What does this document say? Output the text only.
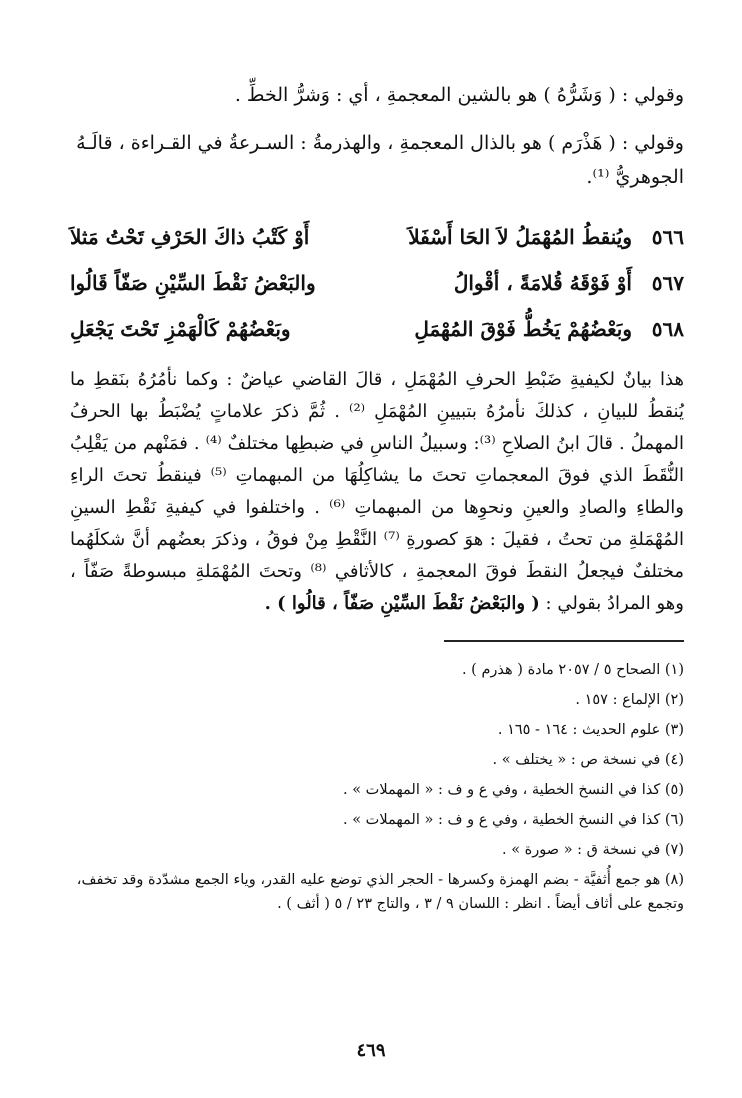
وقولي : ( وَشَرُّهُ ) هو بالشين المعجمةِ ، أي : وَشرُّ الخطِّ .

وقولي : ( هَذْرَم ) هو بالذال المعجمةِ ، والهذرمةُ : السـرعةُ في القـراءة ، قالَـهُ الجوهريُّ ⁽¹⁾.

٥٦٦
ويُنقطُ المُهْمَلُ لاَ الحَا أَسْفَلاَ
أَوْ كَتْبُ ذاكَ الحَرْفِ تَحْتُ مَثلاَ
٥٦٧
أَوْ فَوْقَهُ قُلامَةً ، أقْوالُ
والبَعْضُ نَقْطَ السِّيْنِ صَفّاً قَالُوا
٥٦٨
وبَعْضُهُمْ يَخُطُّ فَوْقَ المُهْمَلِ
وبَعْضُهُمْ كَالْهَمْزِ تَحْتَ يَجْعَلِ
هذا بيانٌ لكيفيةِ ضَبْطِ الحرفِ المُهْمَلِ ، قالَ القاضي عياضٌ : وكما نأمُرُهُ بنَقطِ ما يُنقطُ للبيانِ ، كذلكَ نأمرُهُ بتبيينِ المُهْمَلِ ⁽²⁾ . ثُمَّ ذكرَ علاماتٍ يُضْبَطُ بها الحرفُ المهملُ . قالَ ابنُ الصلاحِ ⁽³⁾: وسبيلُ الناسِ في ضبطِها مختلفٌ ⁽⁴⁾ . فمَنْهم من يَقْلِبُ النُّقَطَ الذي فوقَ المعجماتِ تحتَ ما يشاكِلُهَا من المبهماتِ ⁽⁵⁾ فينقطُ تحتَ الراءِ والطاءِ والصادِ والعينِ ونحوِها من المبهماتِ ⁽⁶⁾ . واختلفوا في كيفيةِ نَقْطِ السينِ المُهْمَلةِ من تحتُ ، فقيلَ : هوَ كصورةِ ⁽⁷⁾ النَّقْطِ مِنْ فوقُ ، وذكرَ بعضُهم أنَّ شكلَهُما مختلفٌ فيجعلُ النقطَ فوقَ المعجمةِ ، كالأثافي ⁽⁸⁾ وتحتَ المُهْمَلةِ مبسوطةً صَفّاً ، وهو المرادُ بقولي : ( والبَعْضُ نَقْطَ السِّيْنِ صَفّاً ، قالُوا ) .

(١) الصحاح ٥ / ٢٠٥٧ مادة ( هذرم ) .

(٢) الإلماع : ١٥٧ .

(٣) علوم الحديث : ١٦٤ - ١٦٥ .

(٤) في نسخة ص : « يختلف » .

(٥) كذا في النسخ الخطية ، وفي ع و ف : « المهملات » .

(٦) كذا في النسخ الخطية ، وفي ع و ف : « المهملات » .

(٧) في نسخة ق : « صورة » .

(٨) هو جمع أُثفيَّة - بضم الهمزة وكسرها - الحجر الذي توضع عليه القدر، وياء الجمع مشدّدة وقد تخفف، وتجمع على أثاف أيضاً . انظر : اللسان ٩ / ٣ ، والتاج ٢٣ / ٥ ( أثف ) .

٤٦٩
